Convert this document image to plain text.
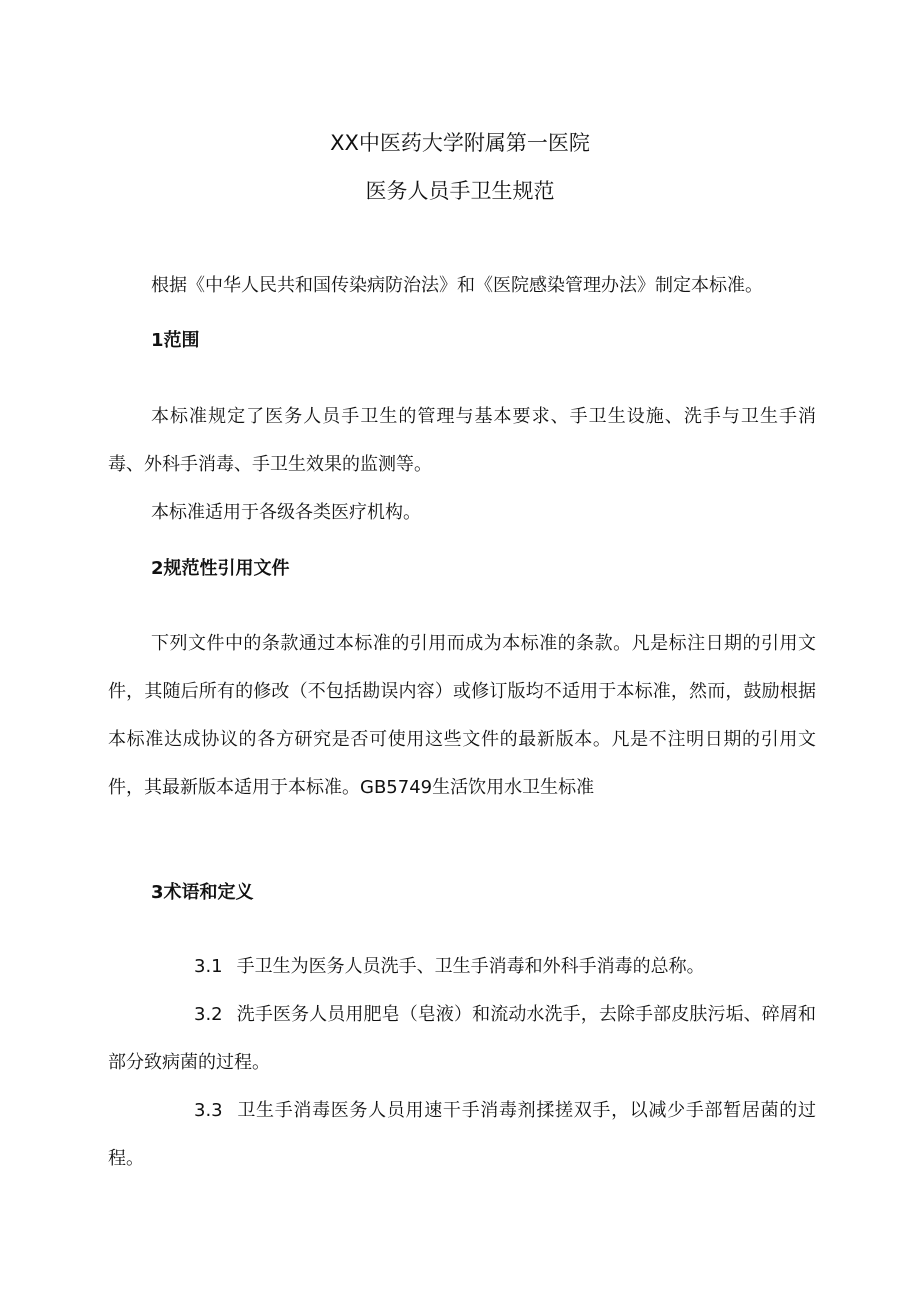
XX中医药大学附属第一医院
医务人员手卫生规范
根据《中华人民共和国传染病防治法》和《医院感染管理办法》制定本标准。
1范围
本标准规定了医务人员手卫生的管理与基本要求、手卫生设施、洗手与卫生手消毒、外科手消毒、手卫生效果的监测等。
本标准适用于各级各类医疗机构。
2规范性引用文件
下列文件中的条款通过本标准的引用而成为本标准的条款。凡是标注日期的引用文件，其随后所有的修改（不包括勘误内容）或修订版均不适用于本标准，然而，鼓励根据本标准达成协议的各方研究是否可使用这些文件的最新版本。凡是不注明日期的引用文件，其最新版本适用于本标准。GB5749生活饮用水卫生标准
3术语和定义
3.1 手卫生为医务人员洗手、卫生手消毒和外科手消毒的总称。
3.2 洗手医务人员用肥皂（皂液）和流动水洗手，去除手部皮肤污垢、碎屑和部分致病菌的过程。
3.3 卫生手消毒医务人员用速干手消毒剂揉搓双手，以减少手部暂居菌的过程。
